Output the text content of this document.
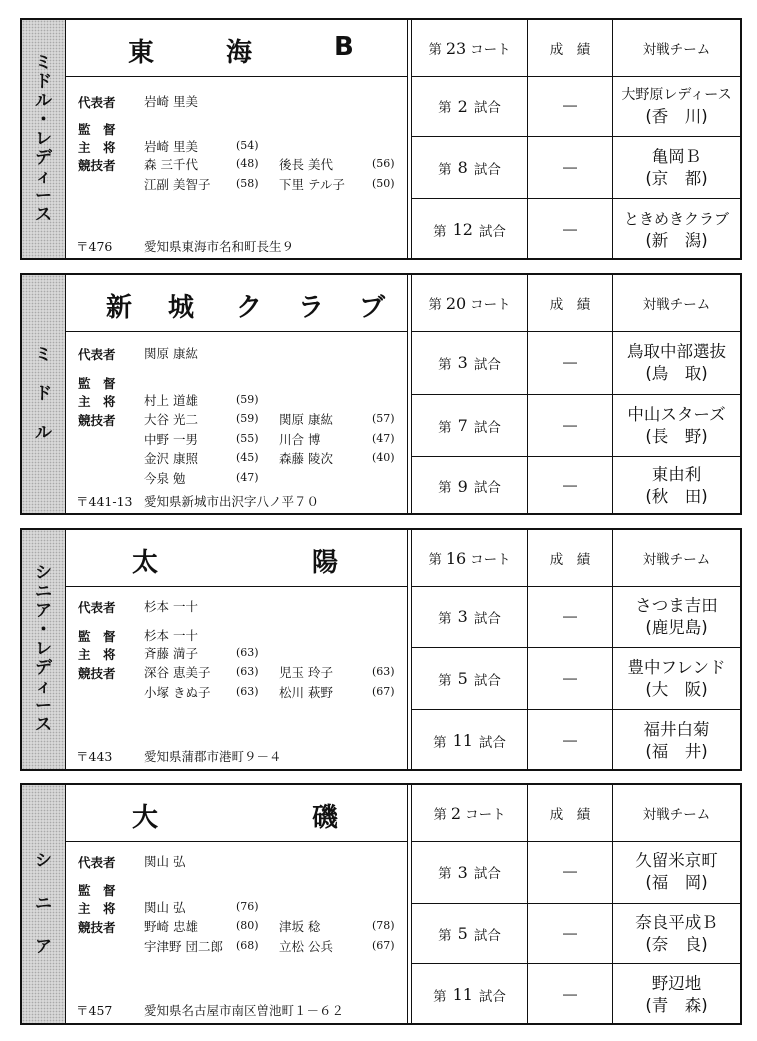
ミ
ド
ル
・
レ
デ
ィ
ー
ス
東	海	B
代表者 岩崎 里美
監　督
主　将 岩崎 里美	(54)
競技者 森 三千代	(48) 後長 美代	(56)
江副 美智子 (58) 下里 テル子 (50)
〒476	愛知県東海市名和町長生９
第 23 コート	成　績	対戦チーム
第 2 試合	―
大野原レディース
(香　川)
第 8 試合	―
亀岡Ｂ
(京　都)
第 12 試合	―
ときめきクラブ
(新　潟)
ミ
ド
ル
新 城 ク ラ ブ
代表者 関原 康紘
監　督
主　将 村上 道雄	(59)
競技者 大谷 光二	(59) 関原 康紘	(57)
中野 一男	(55) 川合 博	(47)
金沢 康照	(45) 森藤 陵次	(40)
今泉 勉	(47)
〒441-13 愛知県新城市出沢字八ノ平７０
第 20 コート	成　績	対戦チーム
第 3 試合	―
鳥取中部選抜
(鳥　取)
第 7 試合	―
中山スターズ
(長　野)
第 9 試合	―
東由利
(秋　田)
シ
ニ
ア
・
レ
デ
ィ
ー
ス
太	陽
代表者 杉本 一十
監　督 杉本 一十
主　将 斉藤 満子	(63)
競技者 深谷 恵美子 (63) 児玉 玲子	(63)
小塚 きぬ子 (63) 松川 萩野	(67)
〒443	愛知県蒲郡市港町９－４
第 16 コート	成　績	対戦チーム
第 3 試合	―
さつま吉田
(鹿児島)
第 5 試合	―
豊中フレンド
(大　阪)
第 11 試合	―
福井白菊
(福　井)
シ
ニ
ア
大	磯
代表者 関山 弘
監　督
主　将 関山 弘	(76)
競技者 野崎 忠雄	(80) 津坂 稔	(78)
宇津野 団二郎 (68) 立松 公兵	(67)
〒457	愛知県名古屋市南区曽池町１－６２
第 2 コート	成　績	対戦チーム
第 3 試合	―
久留米京町
(福　岡)
第 5 試合	―
奈良平成Ｂ
(奈　良)
第 11 試合	―
野辺地
(青　森)
